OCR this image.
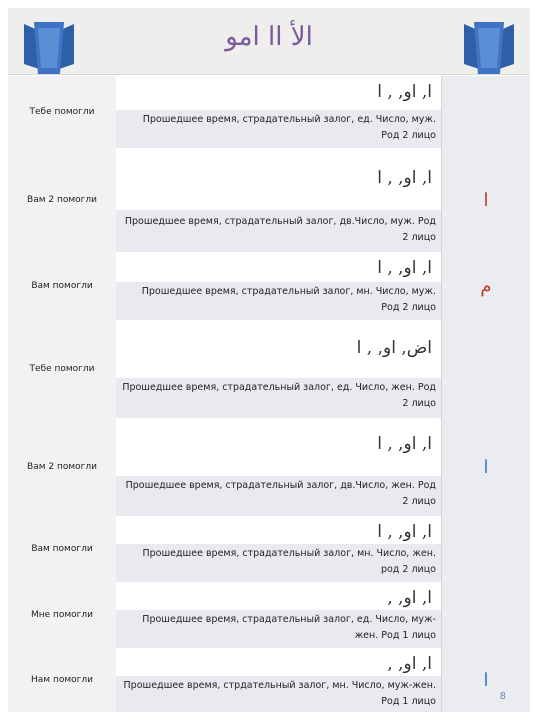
الأ اا امو
Тебе помогли
ا, او, , ا
Прошедшее время, страдательный залог, ед. Число, муж. Род 2 лицо
Вам 2 помогли
ا, او, , ا
Прошедшее время, страдательный залог, дв.Число, муж. Род 2 лицо
ا
Вам помогли
ا, او, , ا
Прошедшее время, страдательный залог, мн. Число, муж. Род 2 лицо
م
Тебе помогли
اض, او, , ا
Прошедшее время, страдательный залог, ед. Число, жен. Род 2 лицо
Вам 2 помогли
ا, او, , ا
Прошедшее время, страдательный залог, дв.Число, жен. Род 2 лицо
ا
Вам помогли
ا, او, , ا
Прошедшее время, страдательный залог, мн. Число, жен. род 2 лицо
Мне помогли
ا, او, ,
Прошедшее время, страдательный залог, ед. Число, муж-жен. Род 1 лицо
Нам помогли
ا, او, ,
Прошедшее время, стрдательный залог, мн. Число, муж-жен. Род 1 лицо
ا
8
